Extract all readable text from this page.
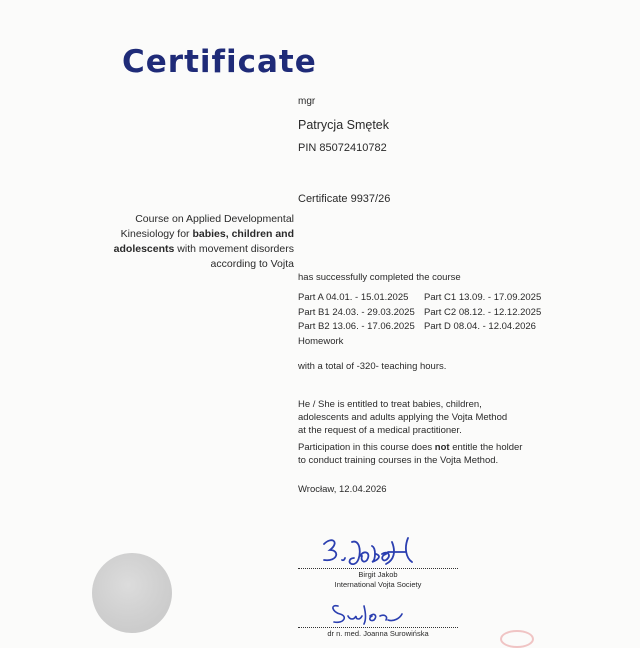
Certificate
mgr
Patrycja Smętek
PIN 85072410782
Certificate 9937/26
Course on Applied Developmental
Kinesiology for babies, children and
adolescents with movement disorders
according to Vojta
has successfully completed the course
Part A 04.01. - 15.01.2025	Part C1 13.09. - 17.09.2025
Part B1 24.03. - 29.03.2025 Part C2 08.12. - 12.12.2025
Part B2 13.06. - 17.06.2025 Part D 08.04. - 12.04.2026
Homework
with a total of -320- teaching hours.
He / She is entitled to treat babies, children,
adolescents and adults applying the Vojta Method
at the request of a medical practitioner.
Participation in this course does not entitle the holder
to conduct training courses in the Vojta Method.
Wrocław, 12.04.2026
Birgit Jakob
International Vojta Society
dr n. med. Joanna Surowińska
